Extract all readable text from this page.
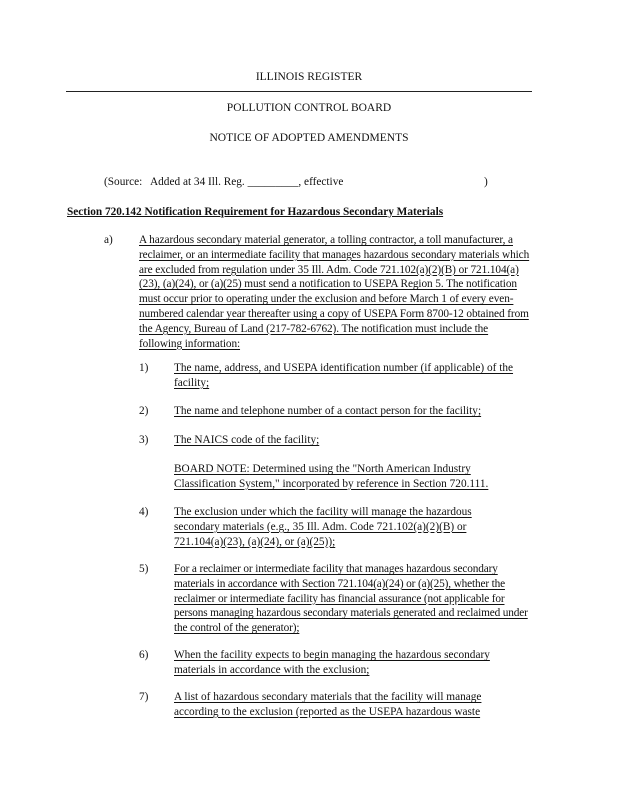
ILLINOIS REGISTER
POLLUTION CONTROL BOARD
NOTICE OF ADOPTED AMENDMENTS
(Source: Added at 34 Ill. Reg. _________, effective	)
Section 720.142 Notification Requirement for Hazardous Secondary Materials
a) A hazardous secondary material generator, a tolling contractor, a toll manufacturer, a reclaimer, or an intermediate facility that manages hazardous secondary materials which are excluded from regulation under 35 Ill. Adm. Code 721.102(a)(2)(B) or 721.104(a)(23), (a)(24), or (a)(25) must send a notification to USEPA Region 5. The notification must occur prior to operating under the exclusion and before March 1 of every even-numbered calendar year thereafter using a copy of USEPA Form 8700-12 obtained from the Agency, Bureau of Land (217-782-6762). The notification must include the following information:
1) The name, address, and USEPA identification number (if applicable) of the facility;
2) The name and telephone number of a contact person for the facility;
3) The NAICS code of the facility;
BOARD NOTE: Determined using the "North American Industry Classification System," incorporated by reference in Section 720.111.
4) The exclusion under which the facility will manage the hazardous secondary materials (e.g., 35 Ill. Adm. Code 721.102(a)(2)(B) or 721.104(a)(23), (a)(24), or (a)(25));
5) For a reclaimer or intermediate facility that manages hazardous secondary materials in accordance with Section 721.104(a)(24) or (a)(25), whether the reclaimer or intermediate facility has financial assurance (not applicable for persons managing hazardous secondary materials generated and reclaimed under the control of the generator);
6) When the facility expects to begin managing the hazardous secondary materials in accordance with the exclusion;
7) A list of hazardous secondary materials that the facility will manage according to the exclusion (reported as the USEPA hazardous waste
